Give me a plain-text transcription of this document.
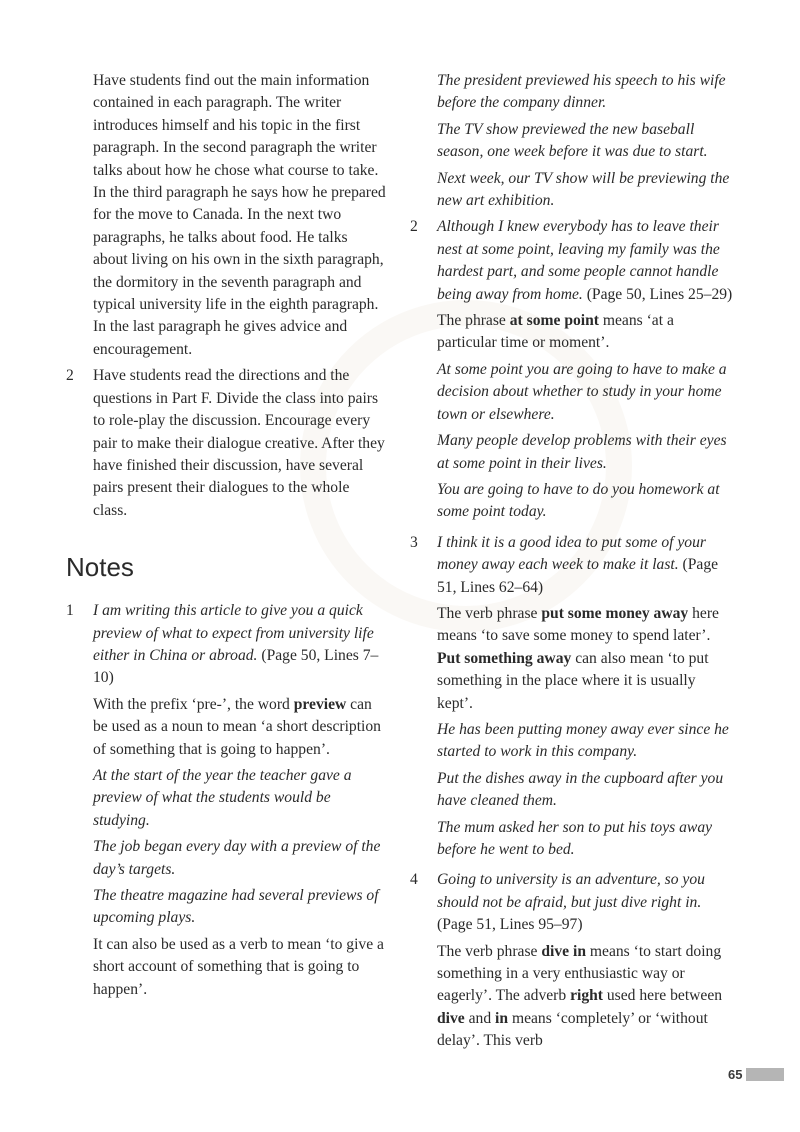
Have students find out the main information contained in each paragraph. The writer introduces himself and his topic in the first paragraph. In the second paragraph the writer talks about how he chose what course to take. In the third paragraph he says how he prepared for the move to Canada. In the next two paragraphs, he talks about food. He talks about living on his own in the sixth paragraph, the dormitory in the seventh paragraph and typical university life in the eighth paragraph. In the last paragraph he gives advice and encouragement.

2	Have students read the directions and the questions in Part F. Divide the class into pairs to role-play the discussion. Encourage every pair to make their dialogue creative. After they have finished their discussion, have several pairs present their dialogues to the whole class.

Notes
1	I am writing this article to give you a quick preview of what to expect from university life either in China or abroad. (Page 50, Lines 7–10)

With the prefix ‘pre-’, the word preview can be used as a noun to mean ‘a short description of something that is going to happen’.

At the start of the year the teacher gave a preview of what the students would be studying.

The job began every day with a preview of the day’s targets.

The theatre magazine had several previews of upcoming plays.

It can also be used as a verb to mean ‘to give a short account of something that is going to happen’.

The president previewed his speech to his wife before the company dinner.

The TV show previewed the new baseball season, one week before it was due to start.

Next week, our TV show will be previewing the new art exhibition.

2	Although I knew everybody has to leave their nest at some point, leaving my family was the hardest part, and some people cannot handle being away from home. (Page 50, Lines 25–29)

The phrase at some point means ‘at a particular time or moment’.

At some point you are going to have to make a decision about whether to study in your home town or elsewhere.

Many people develop problems with their eyes at some point in their lives.

You are going to have to do you homework at some point today.

3	I think it is a good idea to put some of your money away each week to make it last. (Page 51, Lines 62–64)

The verb phrase put some money away here means ‘to save some money to spend later’. Put something away can also mean ‘to put something in the place where it is usually kept’.

He has been putting money away ever since he started to work in this company.

Put the dishes away in the cupboard after you have cleaned them.

The mum asked her son to put his toys away before he went to bed.

4	Going to university is an adventure, so you should not be afraid, but just dive right in. (Page 51, Lines 95–97)

The verb phrase dive in means ‘to start doing something in a very enthusiastic way or eagerly’. The adverb right used here between dive and in means ‘completely’ or ‘without delay’. This verb

65
